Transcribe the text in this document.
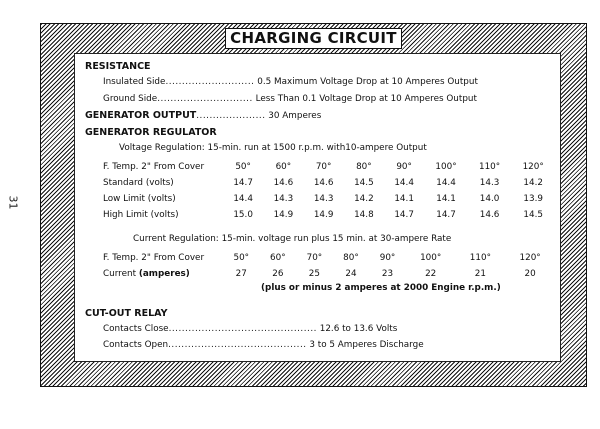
31
CHARGING CIRCUIT
RESISTANCE
Insulated Side........................... 0.5 Maximum Voltage Drop at 10 Amperes Output
Ground Side............................. Less Than 0.1 Voltage Drop at 10 Amperes Output
GENERATOR OUTPUT..................... 30 Amperes
GENERATOR REGULATOR
Voltage Regulation: 15-min. run at 1500 r.p.m. with10-ampere Output
F. Temp. 2" From Cover	50°	60°	70°	80°	90°	100°	110°	120°
Standard (volts)	14.7	14.6	14.6	14.5	14.4	14.4	14.3	14.2
Low Limit (volts)	14.4	14.3	14.3	14.2	14.1	14.1	14.0	13.9
High Limit (volts)	15.0	14.9	14.9	14.8	14.7	14.7	14.6	14.5
Current Regulation: 15-min. voltage run plus 15 min. at 30-ampere Rate
F. Temp. 2" From Cover	50°	60°	70°	80°	90°	100°	110°	120°
Current (amperes)	27	26	25	24	23	22	21	20
(plus or minus 2 amperes at 2000 Engine r.p.m.)
CUT-OUT RELAY
Contacts Close............................................. 12.6 to 13.6 Volts
Contacts Open.......................................... 3 to 5 Amperes Discharge
